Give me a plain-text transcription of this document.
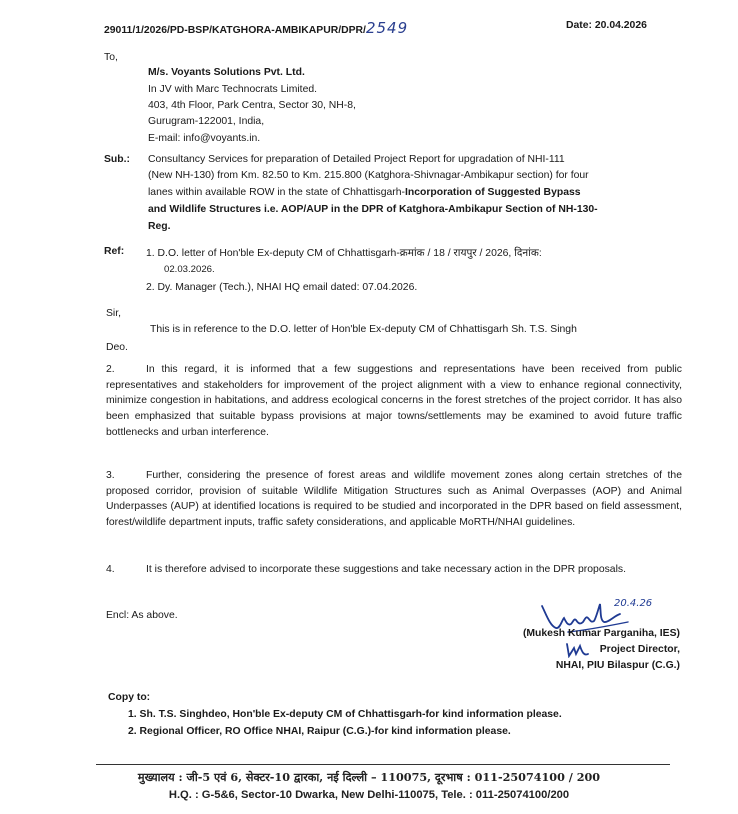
29011/1/2026/PD-BSP/KATGHORA-AMBIKAPUR/DPR/2549	Date: 20.04.2026
To,
M/s. Voyants Solutions Pvt. Ltd.
In JV with Marc Technocrats Limited.
403, 4th Floor, Park Centra, Sector 30, NH-8,
Gurugram-122001, India,
E-mail: info@voyants.in.
Sub.: Consultancy Services for preparation of Detailed Project Report for upgradation of NHI-111
(New NH-130) from Km. 82.50 to Km. 215.800 (Katghora-Shivnagar-Ambikapur section) for four
lanes within available ROW in the state of Chhattisgarh-Incorporation of Suggested Bypass
and Wildlife Structures i.e. AOP/AUP in the DPR of Katghora-Ambikapur Section of NH-130-
Reg.
Ref: 1. D.O. letter of Hon'ble Ex-deputy CM of Chhattisgarh-क्रमांक / 18 / रायपुर / 2026, दिनांक:
02.03.2026.
2. Dy. Manager (Tech.), NHAI HQ email dated: 07.04.2026.
Sir,
This is in reference to the D.O. letter of Hon'ble Ex-deputy CM of Chhattisgarh Sh. T.S. Singh
Deo.
2.	In this regard, it is informed that a few suggestions and representations have been received from public representatives and stakeholders for improvement of the project alignment with a view to enhance regional connectivity, minimize congestion in habitations, and address ecological concerns in the forest stretches of the project corridor. It has also been emphasized that suitable bypass provisions at major towns/settlements may be examined to avoid future traffic bottlenecks and urban interference.
3.	Further, considering the presence of forest areas and wildlife movement zones along certain stretches of the proposed corridor, provision of suitable Wildlife Mitigation Structures such as Animal Overpasses (AOP) and Animal Underpasses (AUP) at identified locations is required to be studied and incorporated in the DPR based on field assessment, forest/wildlife department inputs, traffic safety considerations, and applicable MoRTH/NHAI guidelines.
4.	It is therefore advised to incorporate these suggestions and take necessary action in the DPR proposals.
Encl: As above.
20.4.26
(Mukesh Kumar Parganiha, IES)
Project Director,
NHAI, PIU Bilaspur (C.G.)
Copy to:
1. Sh. T.S. Singhdeo, Hon'ble Ex-deputy CM of Chhattisgarh-for kind information please.
2. Regional Officer, RO Office NHAI, Raipur (C.G.)-for kind information please.
मुख्यालय : जी-5 एवं 6, सेक्टर-10 द्वारका, नई दिल्ली – 110075, दूरभाष : 011-25074100 / 200
H.Q. : G-5&6, Sector-10 Dwarka, New Delhi-110075, Tele. : 011-25074100/200
